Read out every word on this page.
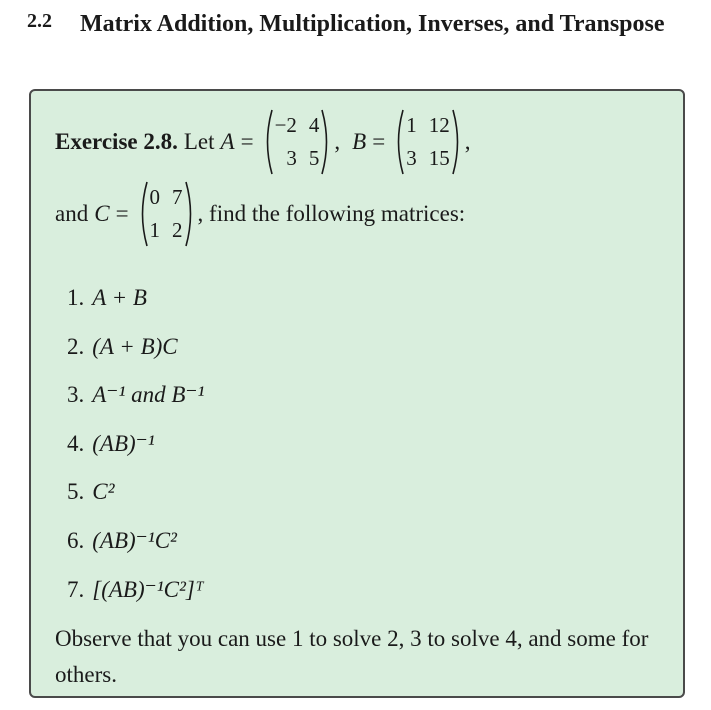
2.2 Matrix Addition, Multiplication, Inverses, and Transpose
Exercise 2.8. Let A =
−2 4
3 5
, B =
1 12
3 15
,
and C =
0 7
1 2
, find the following matrices:
1. A + B
2. (A + B)C
3. A⁻¹ and B⁻¹
4. (AB)⁻¹
5. C²
6. (AB)⁻¹C²
7. [(AB)⁻¹C²]ᵀ
Observe that you can use 1 to solve 2, 3 to solve 4, and some for others.
